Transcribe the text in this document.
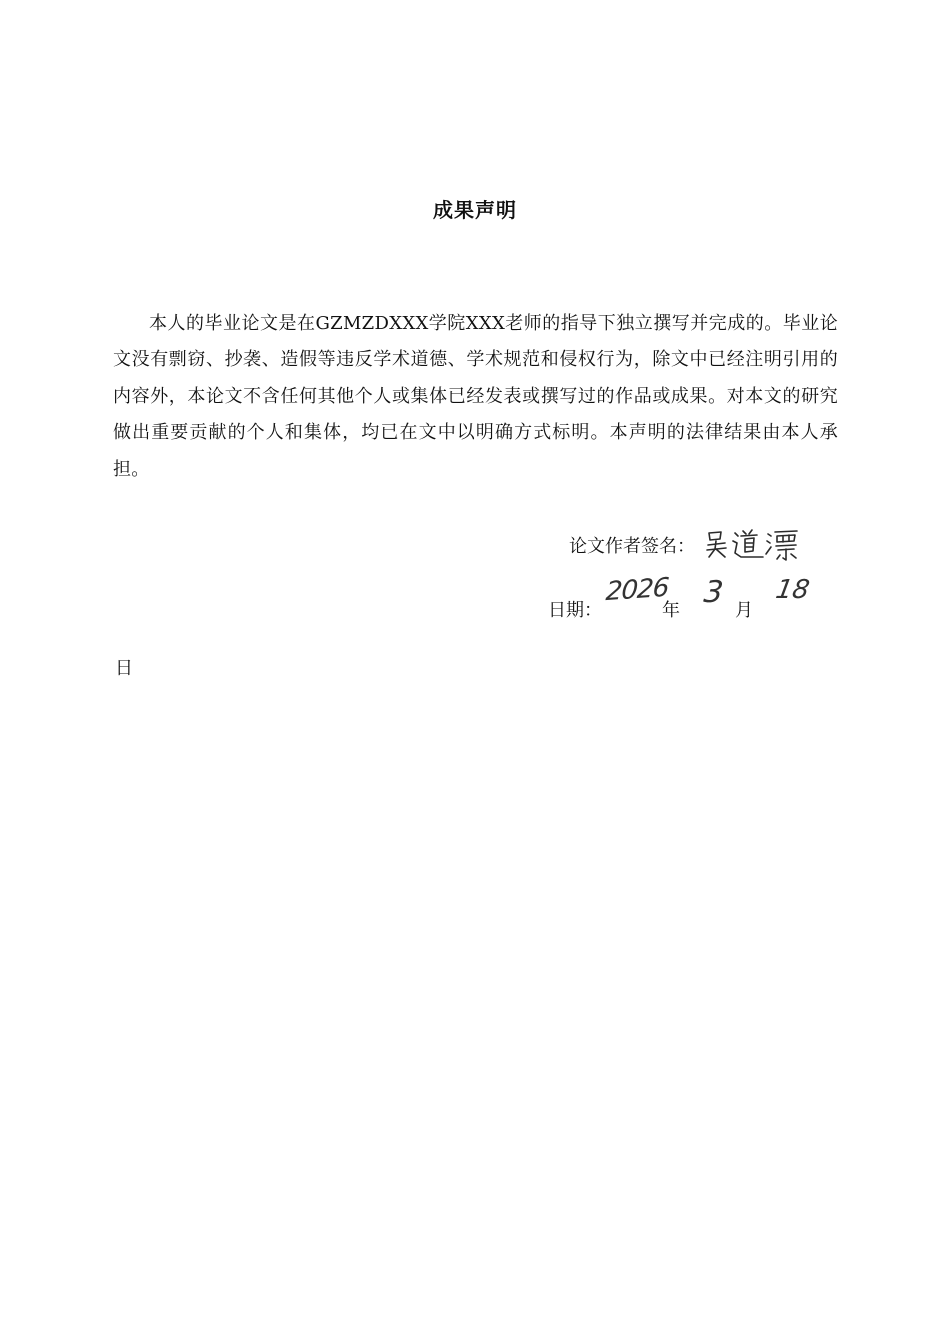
成果声明
本人的毕业论文是在GZMZDXXX学院XXX老师的指导下独立撰写并完成的。毕业论文没有剽窃、抄袭、造假等违反学术道德、学术规范和侵权行为，除文中已经注明引用的内容外，本论文不含任何其他个人或集体已经发表或撰写过的作品或成果。对本文的研究做出重要贡献的个人和集体，均已在文中以明确方式标明。本声明的法律结果由本人承担。
论文作者签名：
日期：
2026
年
3
月
18
日
